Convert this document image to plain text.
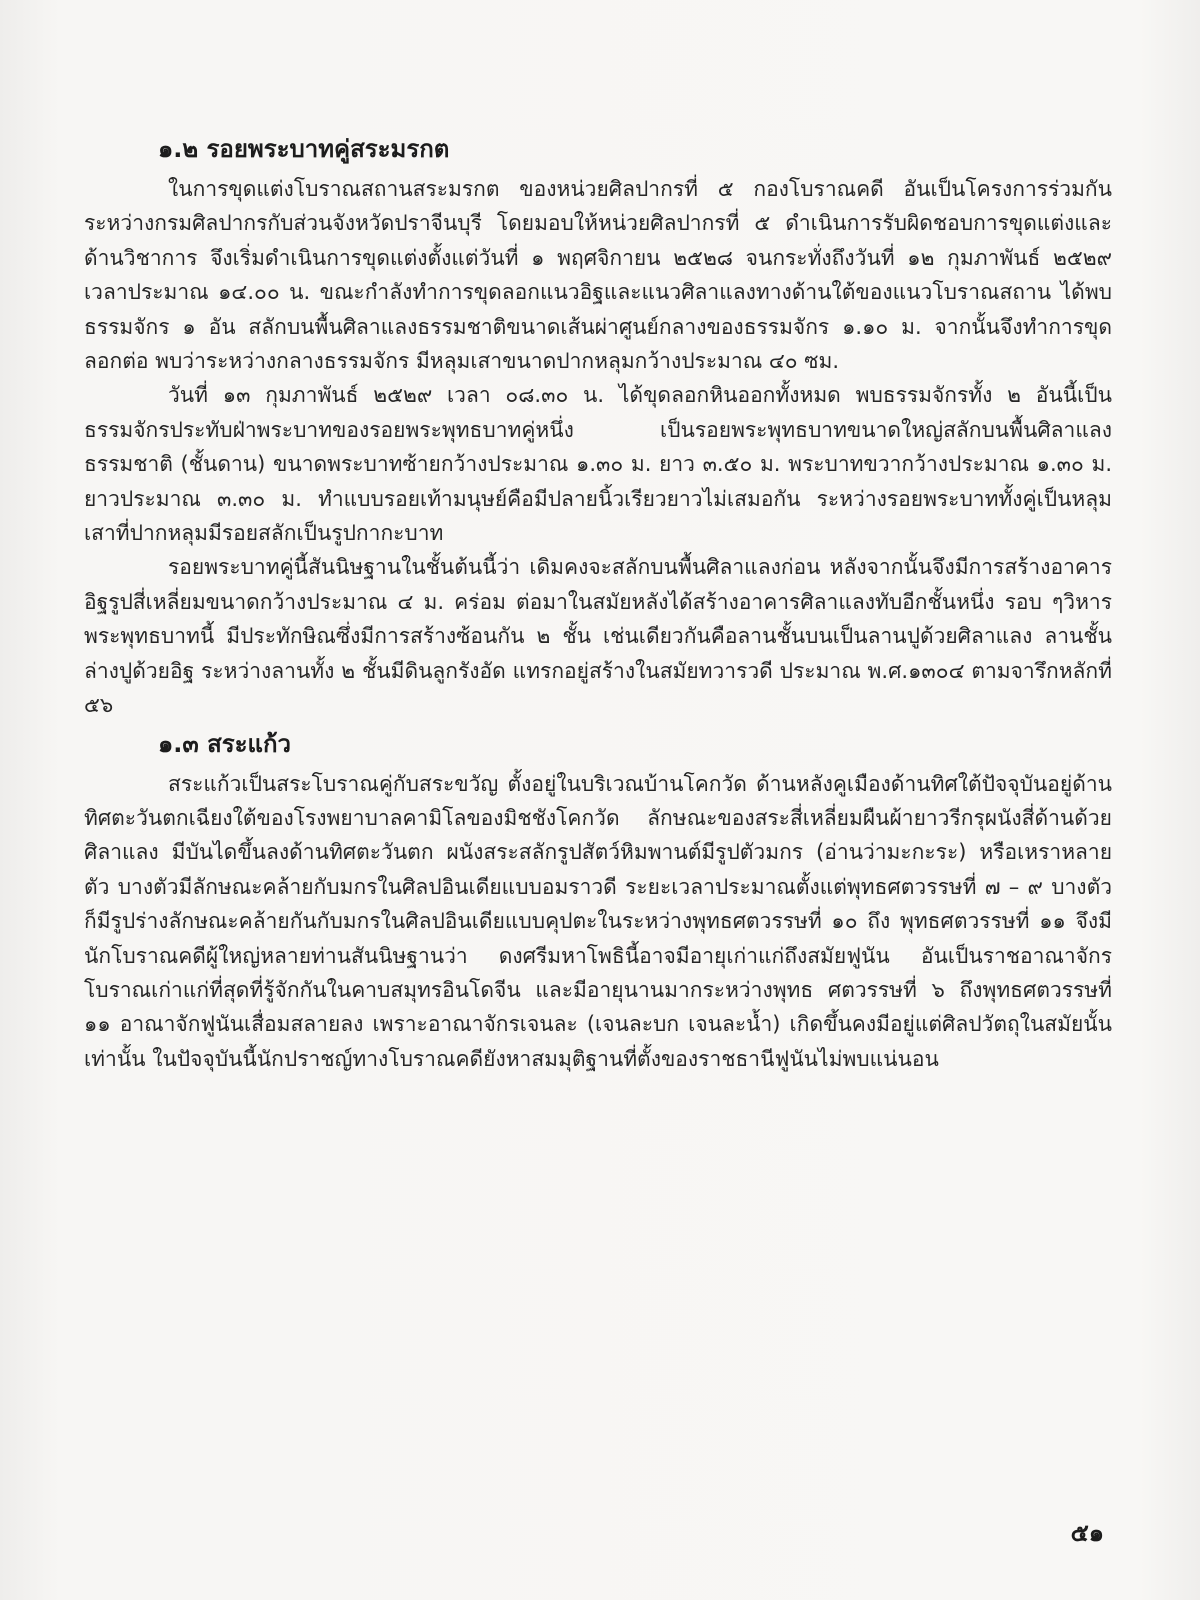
๑.๒ รอยพระบาทคู่สระมรกต

ในการขุดแต่งโบราณสถานสระมรกต ของหน่วยศิลปากรที่ ๕ กองโบราณคดี อันเป็นโครงการร่วมกันระหว่างกรมศิลปากรกับส่วนจังหวัดปราจีนบุรี โดยมอบให้หน่วยศิลปากรที่ ๕ ดำเนินการรับผิดชอบการขุดแต่งและด้านวิชาการ จึงเริ่มดำเนินการขุดแต่งตั้งแต่วันที่ ๑ พฤศจิกายน ๒๕๒๘ จนกระทั่งถึงวันที่ ๑๒ กุมภาพันธ์ ๒๕๒๙ เวลาประมาณ ๑๔.๐๐ น. ขณะกำลังทำการขุดลอกแนวอิฐและแนวศิลาแลงทางด้านใต้ของแนวโบราณสถาน ได้พบธรรมจักร ๑ อัน สลักบนพื้นศิลาแลงธรรมชาติขนาดเส้นผ่าศูนย์กลางของธรรมจักร ๑.๑๐ ม. จากนั้นจึงทำการขุดลอกต่อ พบว่าระหว่างกลางธรรมจักร มีหลุมเสาขนาดปากหลุมกว้างประมาณ ๔๐ ซม.

วันที่ ๑๓ กุมภาพันธ์ ๒๕๒๙ เวลา ๐๘.๓๐ น. ได้ขุดลอกหินออกทั้งหมด พบธรรมจักรทั้ง ๒ อันนี้เป็นธรรมจักรประทับฝ่าพระบาทของรอยพระพุทธบาทคู่หนึ่ง เป็นรอยพระพุทธบาทขนาดใหญ่สลักบนพื้นศิลาแลงธรรมชาติ (ชั้นดาน) ขนาดพระบาทซ้ายกว้างประมาณ ๑.๓๐ ม. ยาว ๓.๕๐ ม. พระบาทขวากว้างประมาณ ๑.๓๐ ม. ยาวประมาณ ๓.๓๐ ม. ทำแบบรอยเท้ามนุษย์คือมีปลายนิ้วเรียวยาวไม่เสมอกัน ระหว่างรอยพระบาททั้งคู่เป็นหลุม เสาที่ปากหลุมมีรอยสลักเป็นรูปกากะบาท

รอยพระบาทคู่นี้สันนิษฐานในชั้นต้นนี้ว่า เดิมคงจะสลักบนพื้นศิลาแลงก่อน หลังจากนั้นจึงมีการสร้างอาคารอิฐรูปสี่เหลี่ยมขนาดกว้างประมาณ ๔ ม. คร่อม ต่อมาในสมัยหลังได้สร้างอาคารศิลาแลงทับอีกชั้นหนึ่ง รอบ ๆวิหาร พระพุทธบาทนี้ มีประทักษิณซึ่งมีการสร้างซ้อนกัน ๒ ชั้น เช่นเดียวกันคือลานชั้นบนเป็นลานปูด้วยศิลาแลง ลานชั้นล่างปูด้วยอิฐ ระหว่างลานทั้ง ๒ ชั้นมีดินลูกรังอัด แทรกอยู่สร้างในสมัยทวารวดี ประมาณ พ.ศ.๑๓๐๔ ตามจารึกหลักที่ ๕๖

๑.๓ สระแก้ว

สระแก้วเป็นสระโบราณคู่กับสระขวัญ ตั้งอยู่ในบริเวณบ้านโคกวัด ด้านหลังคูเมืองด้านทิศใต้ปัจจุบันอยู่ด้านทิศตะวันตกเฉียงใต้ของโรงพยาบาลคามิโลของมิชชังโคกวัด ลักษณะของสระสี่เหลี่ยมผืนผ้ายาวรีกรุผนังสี่ด้านด้วยศิลาแลง มีบันไดขึ้นลงด้านทิศตะวันตก ผนังสระสลักรูปสัตว์หิมพานต์มีรูปตัวมกร (อ่านว่ามะกะระ) หรือเหราหลายตัว บางตัวมีลักษณะคล้ายกับมกรในศิลปอินเดียแบบอมราวดี ระยะเวลาประมาณตั้งแต่พุทธศตวรรษที่ ๗ – ๙ บางตัวก็มีรูปร่างลักษณะคล้ายกันกับมกรในศิลปอินเดียแบบคุปตะในระหว่างพุทธศตวรรษที่ ๑๐ ถึง พุทธศตวรรษที่ ๑๑ จึงมีนักโบราณคดีผู้ใหญ่หลายท่านสันนิษฐานว่า ดงศรีมหาโพธินี้อาจมีอายุเก่าแก่ถึงสมัยฟูนัน อันเป็นราชอาณาจักรโบราณเก่าแก่ที่สุดที่รู้จักกันในคาบสมุทรอินโดจีน และมีอายุนานมากระหว่างพุทธ ศตวรรษที่ ๖ ถึงพุทธศตวรรษที่ ๑๑ อาณาจักฟูนันเสื่อมสลายลง เพราะอาณาจักรเจนละ (เจนละบก เจนละน้ำ) เกิดขึ้นคงมีอยู่แต่ศิลปวัตถุในสมัยนั้นเท่านั้น ในปัจจุบันนี้นักปราชญ์ทางโบราณคดียังหาสมมุติฐานที่ตั้งของราชธานีฟูนันไม่พบแน่นอน

๕๑
